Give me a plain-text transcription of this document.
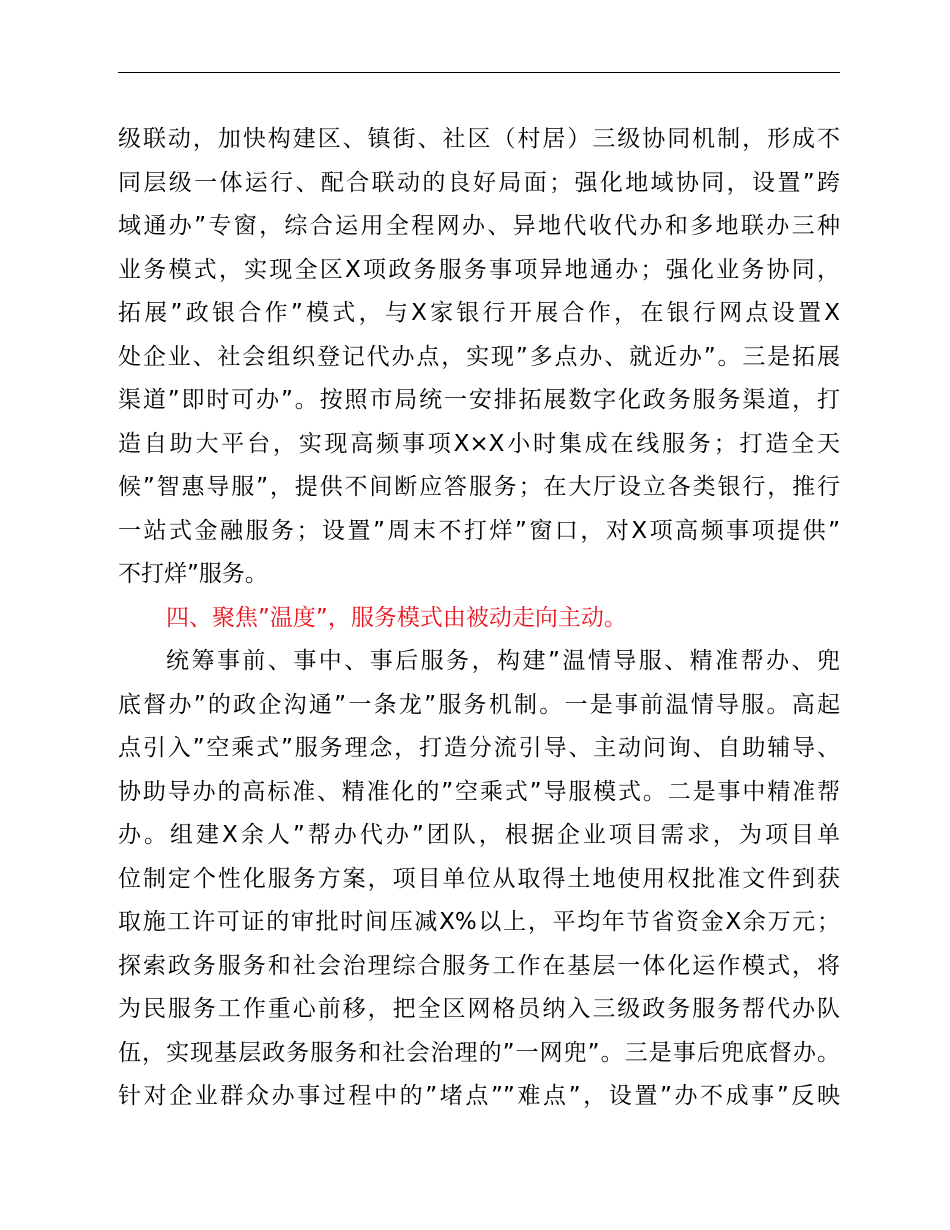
级联动，加快构建区、镇街、社区（村居）三级协同机制，形成不
同层级一体运行、配合联动的良好局面；强化地域协同，设置”跨
域通办”专窗，综合运用全程网办、异地代收代办和多地联办三种
业务模式，实现全区X项政务服务事项异地通办；强化业务协同，
拓展”政银合作”模式，与X家银行开展合作，在银行网点设置X
处企业、社会组织登记代办点，实现”多点办、就近办”。三是拓展
渠道”即时可办”。按照市局统一安排拓展数字化政务服务渠道，打
造自助大平台，实现高频事项X×X小时集成在线服务；打造全天
候”智惠导服”，提供不间断应答服务；在大厅设立各类银行，推行
一站式金融服务；设置”周末不打烊”窗口，对X项高频事项提供”
不打烊”服务。
四、聚焦”温度”，服务模式由被动走向主动。
统筹事前、事中、事后服务，构建”温情导服、精准帮办、兜
底督办”的政企沟通”一条龙”服务机制。一是事前温情导服。高起
点引入”空乘式”服务理念，打造分流引导、主动问询、自助辅导、
协助导办的高标准、精准化的”空乘式”导服模式。二是事中精准帮
办。组建X余人”帮办代办”团队，根据企业项目需求，为项目单
位制定个性化服务方案，项目单位从取得土地使用权批准文件到获
取施工许可证的审批时间压减X%以上，平均年节省资金X余万元；
探索政务服务和社会治理综合服务工作在基层一体化运作模式，将
为民服务工作重心前移，把全区网格员纳入三级政务服务帮代办队
伍，实现基层政务服务和社会治理的”一网兜”。三是事后兜底督办。
针对企业群众办事过程中的”堵点””难点”，设置”办不成事”反映
